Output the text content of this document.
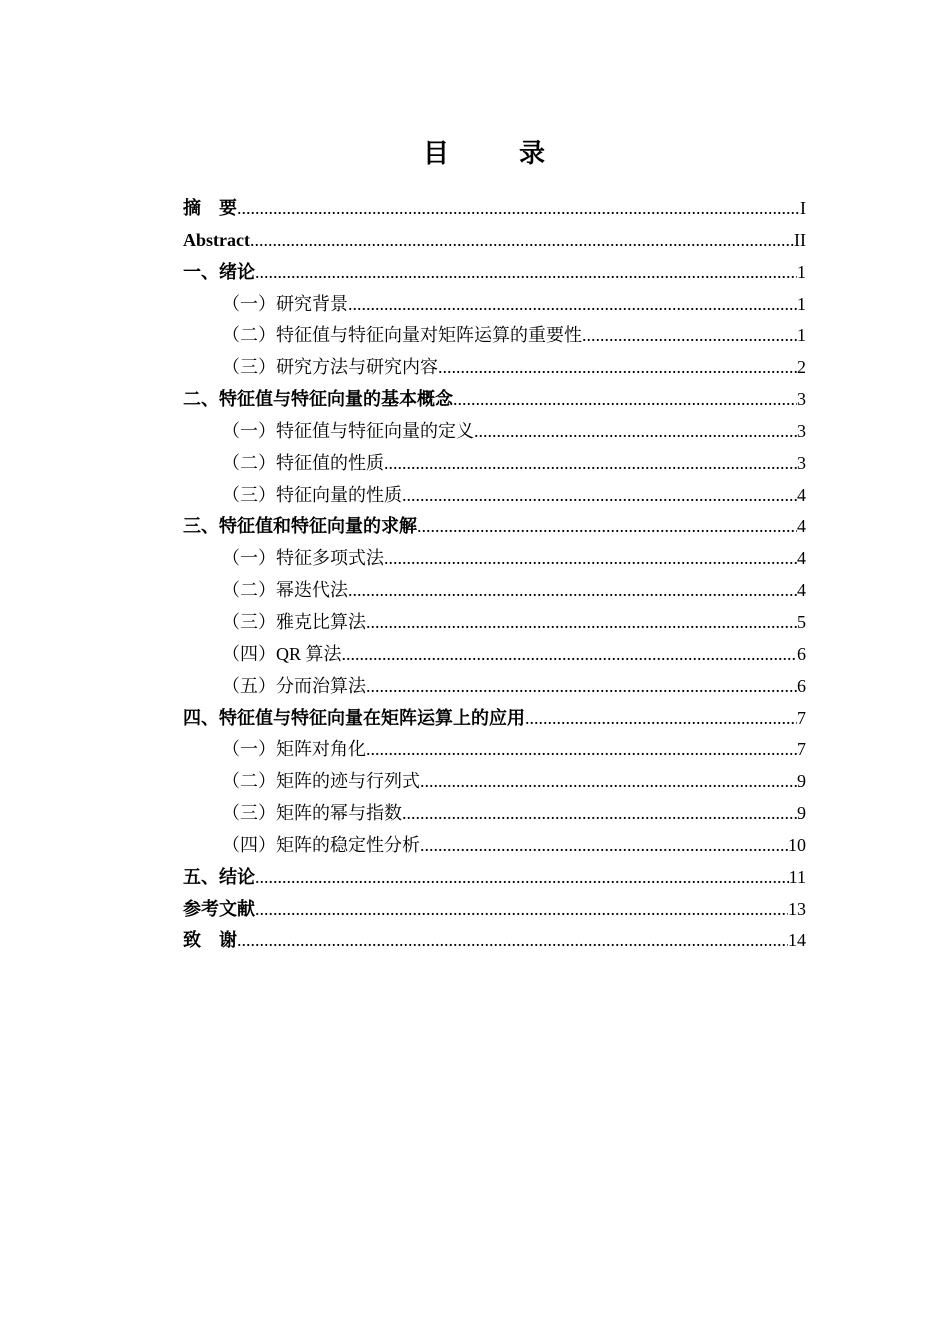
目　录
摘　要 .....	I
Abstract .....	II
一、绪论 .....	1
（一）研究背景 .....	1
（二）特征值与特征向量对矩阵运算的重要性 .....	1
（三）研究方法与研究内容 .....	2
二、特征值与特征向量的基本概念 .....	3
（一）特征值与特征向量的定义 .....	3
（二）特征值的性质 .....	3
（三）特征向量的性质 .....	4
三、特征值和特征向量的求解 .....	4
（一）特征多项式法 .....	4
（二）幂迭代法 .....	4
（三）雅克比算法 .....	5
（四）QR 算法 .....	6
（五）分而治算法 .....	6
四、特征值与特征向量在矩阵运算上的应用 .....	7
（一）矩阵对角化 .....	7
（二）矩阵的迹与行列式 .....	9
（三）矩阵的幂与指数 .....	9
（四）矩阵的稳定性分析 .....	10
五、结论 .....	11
参考文献 .....	13
致　谢 .....	14
